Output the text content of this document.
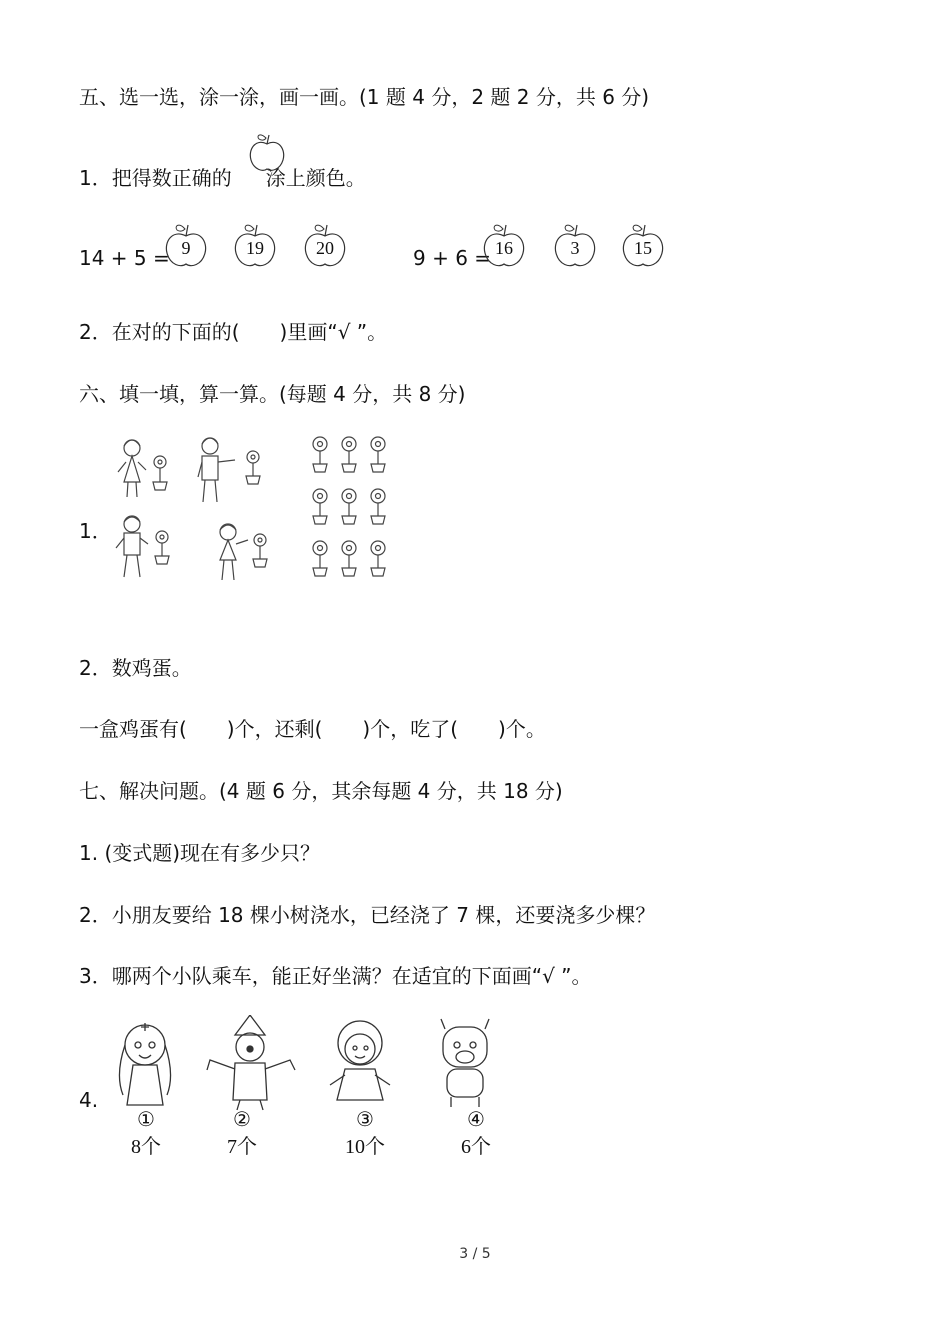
五、选一选，涂一涂，画一画。(1 题 4 分，2 题 2 分，共 6 分)
1．把得数正确的 涂上颜色。
14 + 5 =	9 + 6 =
9	19	20	16	3	15
2．在对的下面的(　　)里画“√ ”。
六、填一填，算一算。(每题 4 分，共 8 分)
1．
2．数鸡蛋。
一盒鸡蛋有(　　)个，还剩(　　)个，吃了(　　)个。
七、解决问题。(4 题 6 分，其余每题 4 分，共 18 分)
1. (变式题)现在有多少只？
2．小朋友要给 18 棵小树浇水，已经浇了 7 棵，还要浇多少棵？
3．哪两个小队乘车，能正好坐满？在适宜的下面画“√ ”。
4.
①
8个
②
7个
③
10个
④
6个
3 / 5
